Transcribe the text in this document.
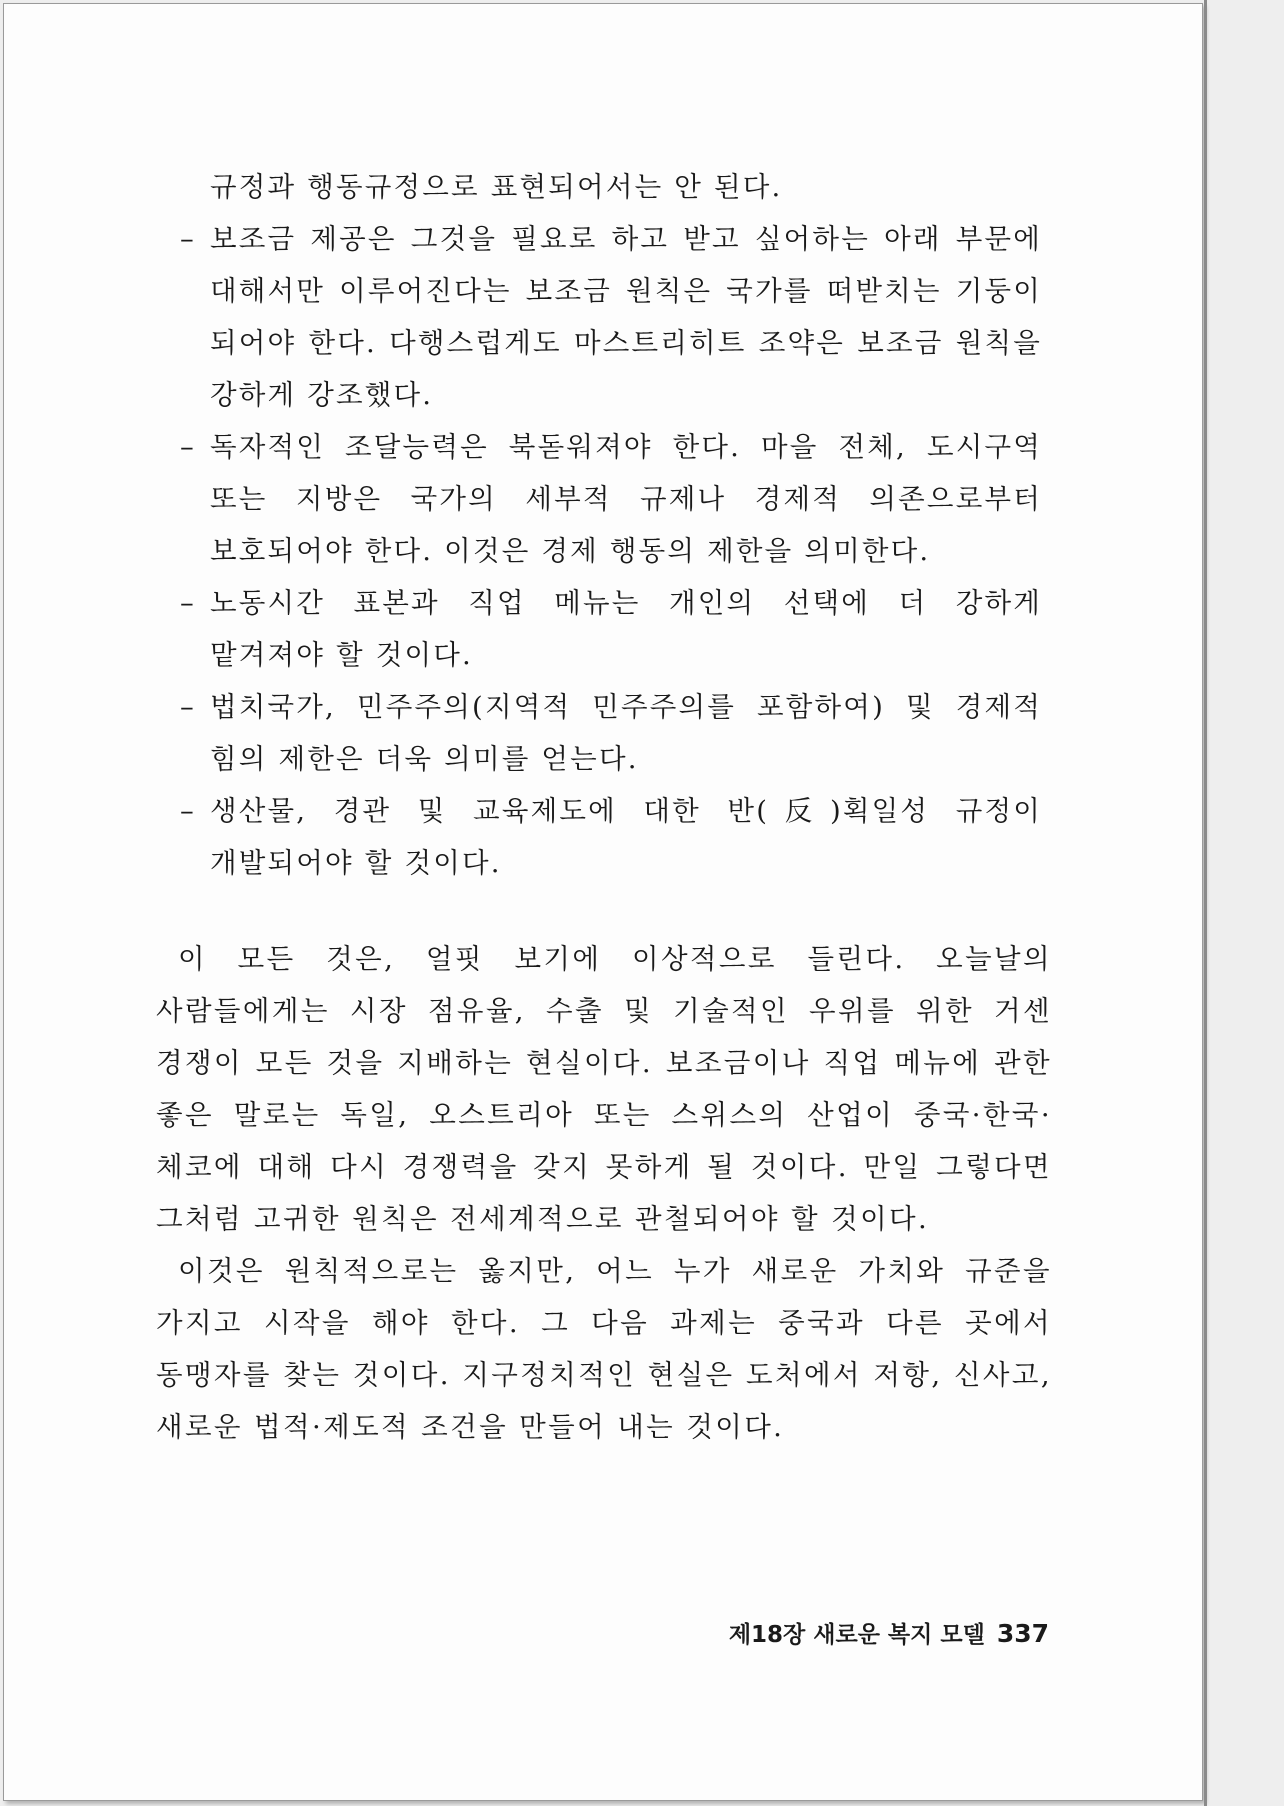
규정과 행동규정으로 표현되어서는 안 된다.
– 보조금 제공은 그것을 필요로 하고 받고 싶어하는 아래 부문에 대해서만 이루어진다는 보조금 원칙은 국가를 떠받치는 기둥이 되어야 한다. 다행스럽게도 마스트리히트 조약은 보조금 원칙을 강하게 강조했다.
– 독자적인 조달능력은 북돋워져야 한다. 마을 전체, 도시구역 또는 지방은 국가의 세부적 규제나 경제적 의존으로부터 보호되어야 한다. 이것은 경제 행동의 제한을 의미한다.
– 노동시간 표본과 직업 메뉴는 개인의 선택에 더 강하게 맡겨져야 할 것이다.
– 법치국가, 민주주의(지역적 민주주의를 포함하여) 및 경제적 힘의 제한은 더욱 의미를 얻는다.
– 생산물, 경관 및 교육제도에 대한 반(反)획일성 규정이 개발되어야 할 것이다.

이 모든 것은, 얼핏 보기에 이상적으로 들린다. 오늘날의 사람들에게는 시장 점유율, 수출 및 기술적인 우위를 위한 거센 경쟁이 모든 것을 지배하는 현실이다. 보조금이나 직업 메뉴에 관한 좋은 말로는 독일, 오스트리아 또는 스위스의 산업이 중국·한국·체코에 대해 다시 경쟁력을 갖지 못하게 될 것이다. 만일 그렇다면 그처럼 고귀한 원칙은 전세계적으로 관철되어야 할 것이다.

이것은 원칙적으로는 옳지만, 어느 누가 새로운 가치와 규준을 가지고 시작을 해야 한다. 그 다음 과제는 중국과 다른 곳에서 동맹자를 찾는 것이다. 지구정치적인 현실은 도처에서 저항, 신사고, 새로운 법적·제도적 조건을 만들어 내는 것이다.

제18장 새로운 복지 모델 337
